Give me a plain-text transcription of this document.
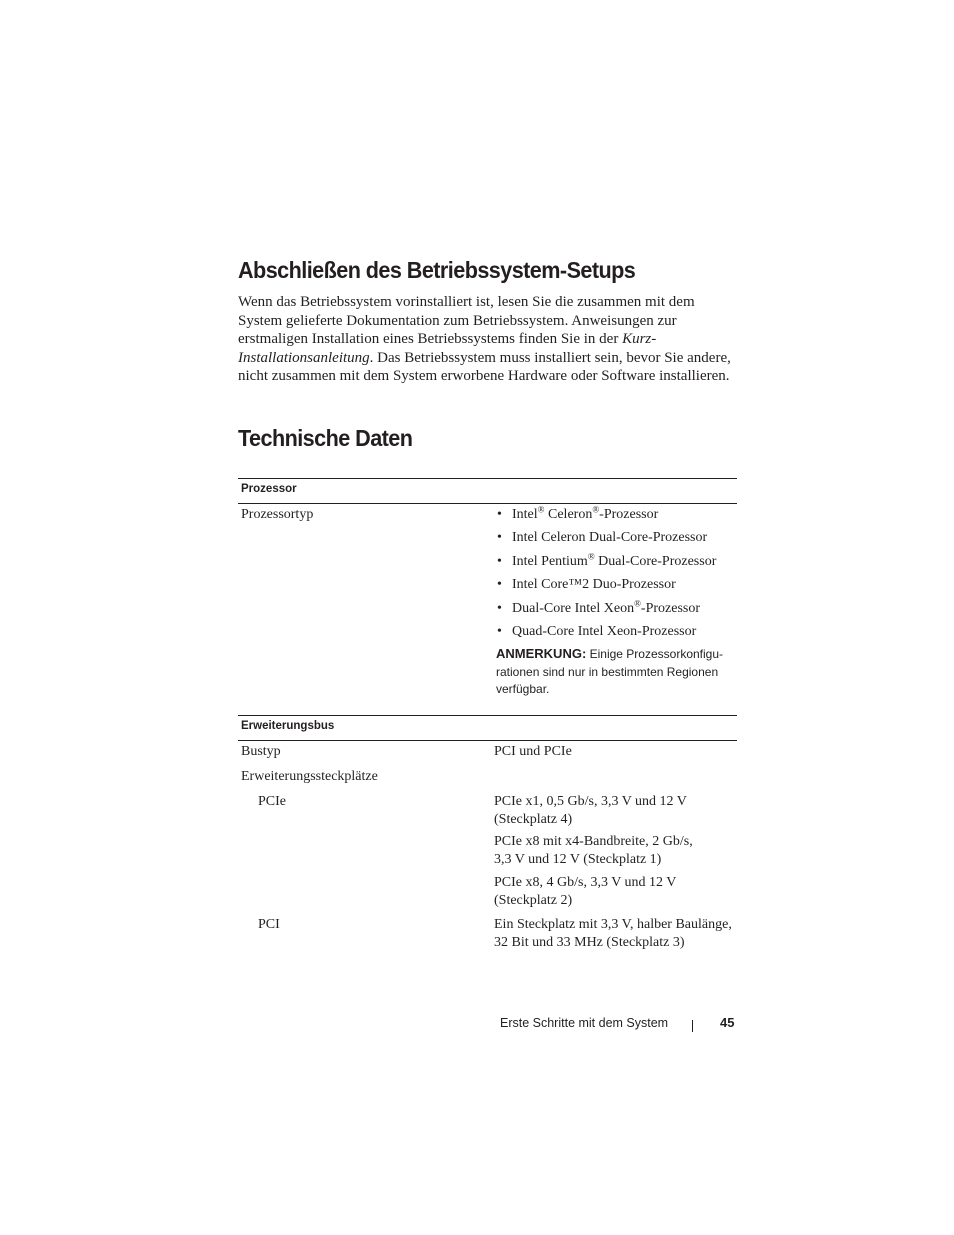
Abschließen des Betriebssystem-Setups

Wenn das Betriebssystem vorinstalliert ist, lesen Sie die zusammen mit dem System gelieferte Dokumentation zum Betriebssystem. Anweisungen zur erstmaligen Installation eines Betriebssystems finden Sie in der Kurz-Installationsanleitung. Das Betriebssystem muss installiert sein, bevor Sie andere, nicht zusammen mit dem System erworbene Hardware oder Software installieren.

Technische Daten
Prozessor
Prozessortyp	• Intel® Celeron®-Prozessor
• Intel Celeron Dual-Core-Prozessor
• Intel Pentium® Dual-Core-Prozessor
• Intel Core™2 Duo-Prozessor
• Dual-Core Intel Xeon®-Prozessor
• Quad-Core Intel Xeon-Prozessor
ANMERKUNG: Einige Prozessorkonfigu-rationen sind nur in bestimmten Regionen verfügbar.
Erweiterungsbus
Bustyp	PCI und PCIe
Erweiterungssteckplätze
PCIe	PCIe x1, 0,5 Gb/s, 3,3 V und 12 V (Steckplatz 4)
PCIe x8 mit x4-Bandbreite, 2 Gb/s, 3,3 V und 12 V (Steckplatz 1)
PCIe x8, 4 Gb/s, 3,3 V und 12 V (Steckplatz 2)
PCI	Ein Steckplatz mit 3,3 V, halber Baulänge, 32 Bit und 33 MHz (Steckplatz 3)
Erste Schritte mit dem System	45
